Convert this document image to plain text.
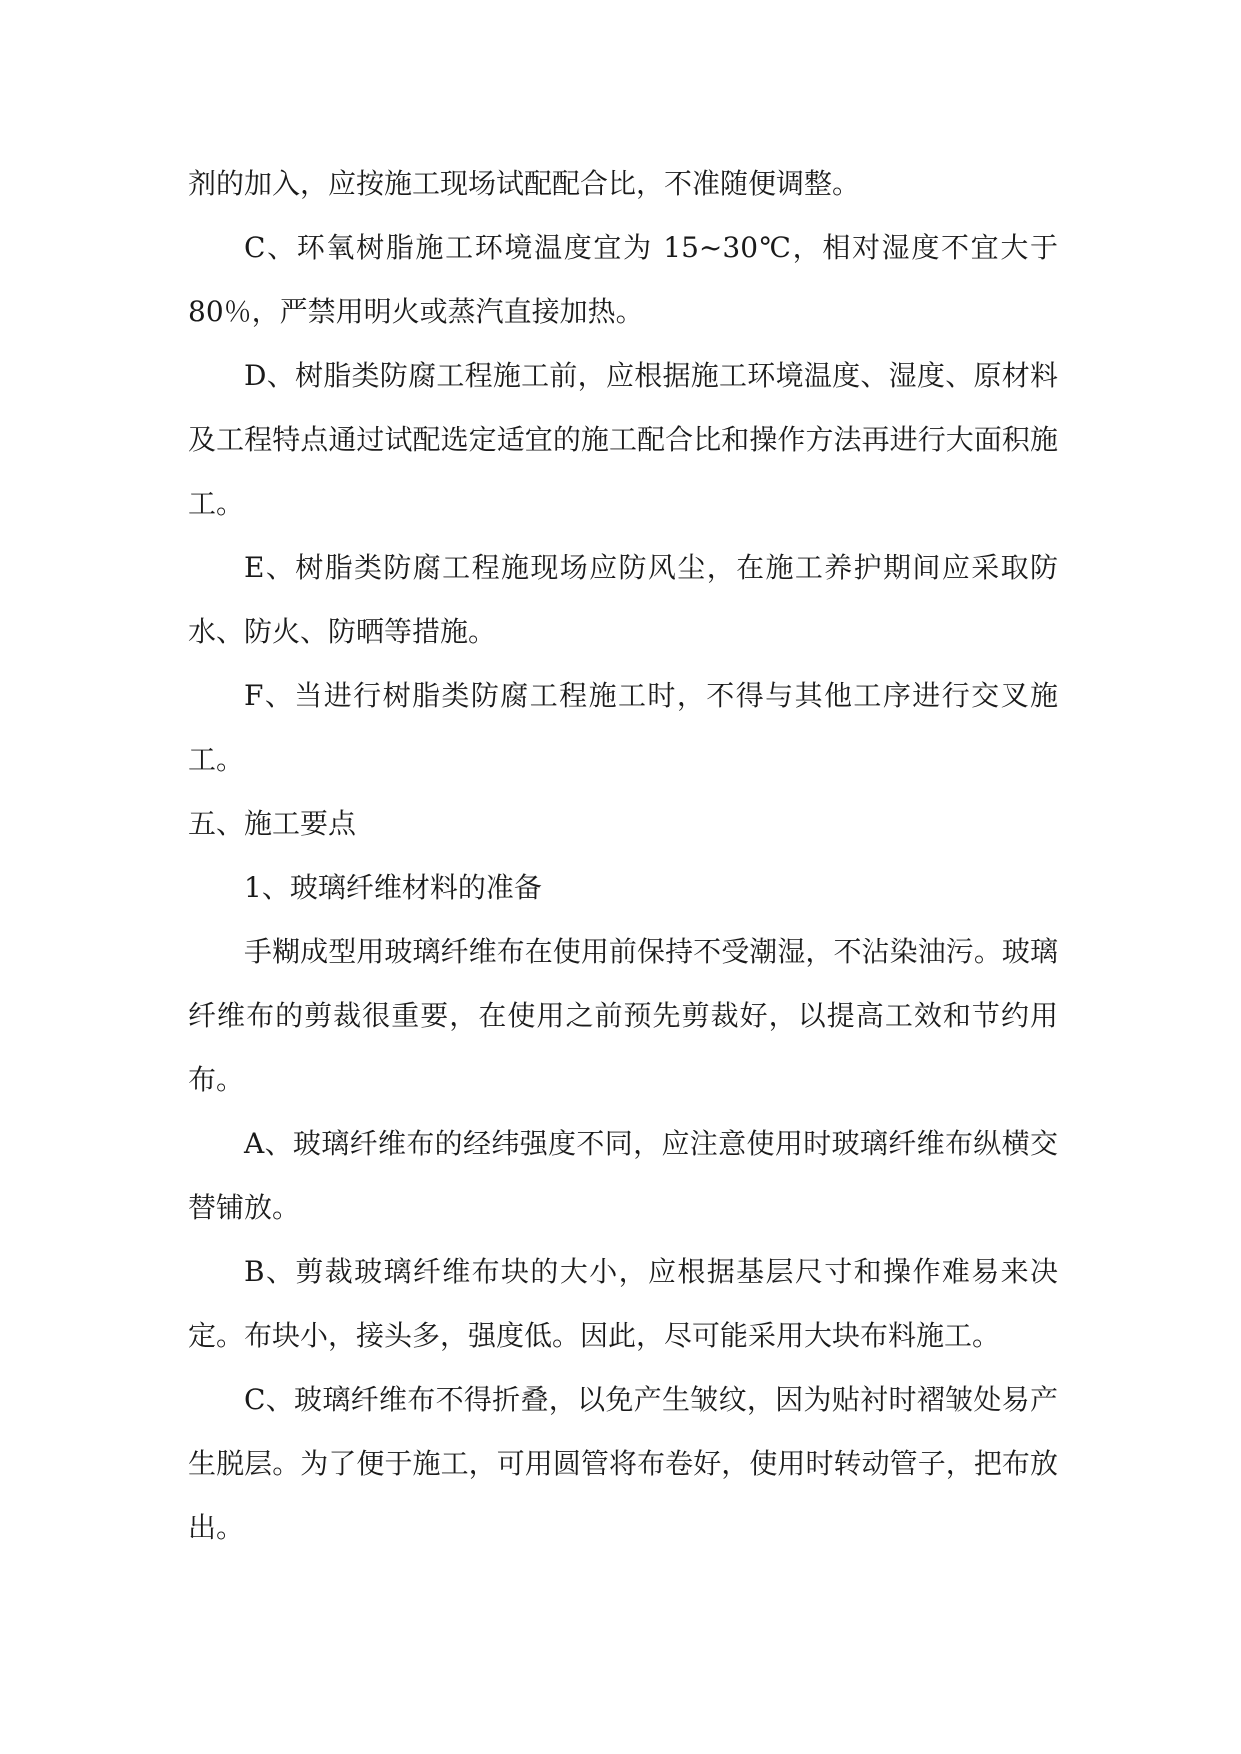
剂的加入，应按施工现场试配配合比，不准随便调整。

C、环氧树脂施工环境温度宜为 15~30℃，相对湿度不宜大于 80％，严禁用明火或蒸汽直接加热。

D、树脂类防腐工程施工前，应根据施工环境温度、湿度、原材料及工程特点通过试配选定适宜的施工配合比和操作方法再进行大面积施工。

E、树脂类防腐工程施现场应防风尘，在施工养护期间应采取防水、防火、防晒等措施。

F、当进行树脂类防腐工程施工时，不得与其他工序进行交叉施工。

五、施工要点

1、玻璃纤维材料的准备

手糊成型用玻璃纤维布在使用前保持不受潮湿，不沾染油污。玻璃纤维布的剪裁很重要，在使用之前预先剪裁好，以提高工效和节约用布。

A、玻璃纤维布的经纬强度不同，应注意使用时玻璃纤维布纵横交替铺放。

B、剪裁玻璃纤维布块的大小，应根据基层尺寸和操作难易来决定。布块小，接头多，强度低。因此，尽可能采用大块布料施工。

C、玻璃纤维布不得折叠，以免产生皱纹，因为贴衬时褶皱处易产生脱层。为了便于施工，可用圆管将布卷好，使用时转动管子，把布放出。
